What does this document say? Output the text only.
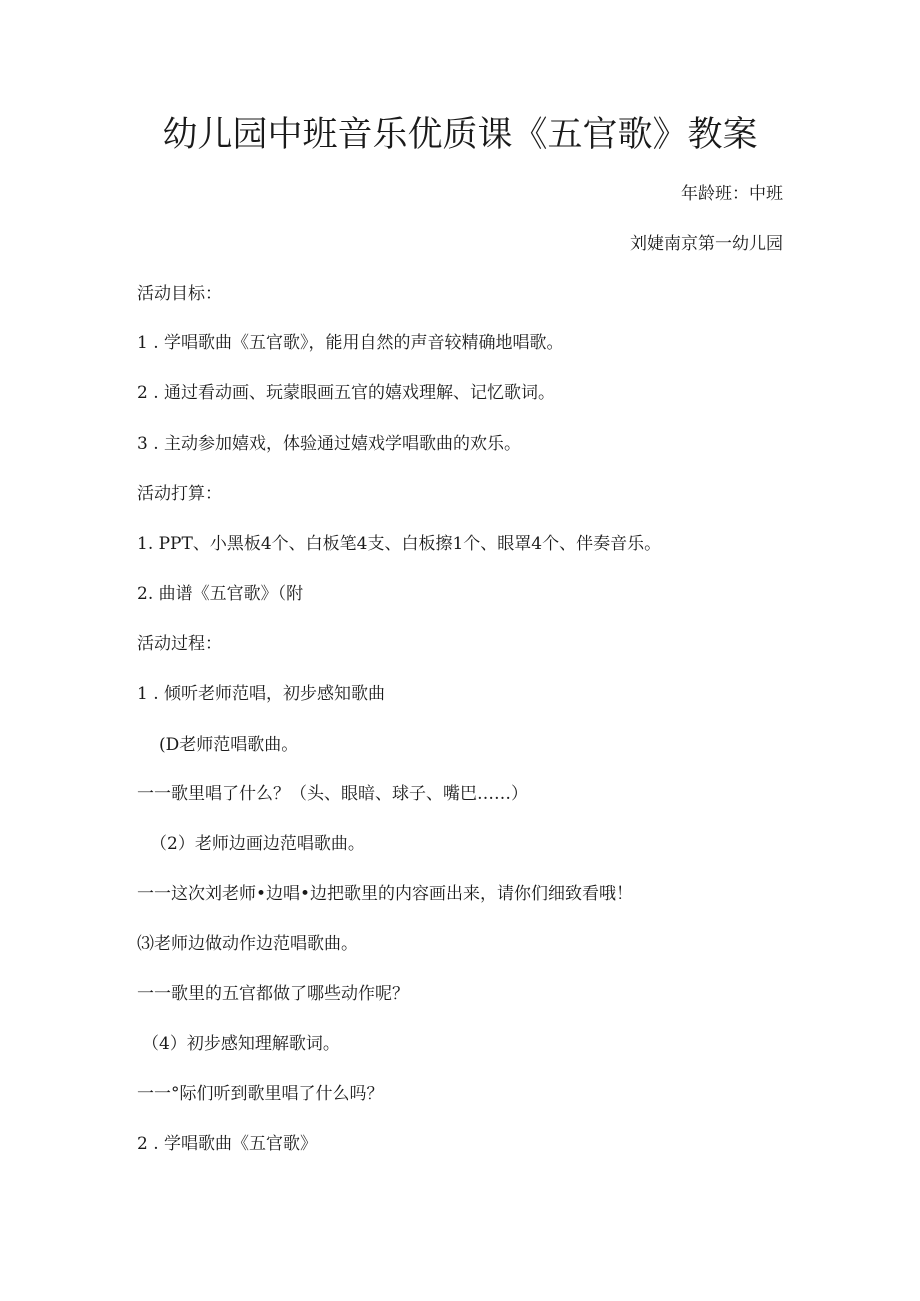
幼儿园中班音乐优质课《五官歌》教案
年龄班：中班
刘婕南京第一幼儿园
活动目标：
1 . 学唱歌曲《五官歌》，能用自然的声音较精确地唱歌。
2 . 通过看动画、玩蒙眼画五官的嬉戏理解、记忆歌词。
3 . 主动参加嬉戏，体验通过嬉戏学唱歌曲的欢乐。
活动打算：
1. PPT、小黑板4个、白板笔4支、白板擦1个、眼罩4个、伴奏音乐。
2. 曲谱《五官歌》（附
活动过程：
1 . 倾听老师范唱，初步感知歌曲
(D老师范唱歌曲。
一一歌里唱了什么？（头、眼暗、球子、嘴巴……）
（2）老师边画边范唱歌曲。
一一这次刘老师•边唱•边把歌里的内容画出来，请你们细致看哦！
⑶老师边做动作边范唱歌曲。
一一歌里的五官都做了哪些动作呢？
（4）初步感知理解歌词。
一一°际们听到歌里唱了什么吗？
2 . 学唱歌曲《五官歌》
